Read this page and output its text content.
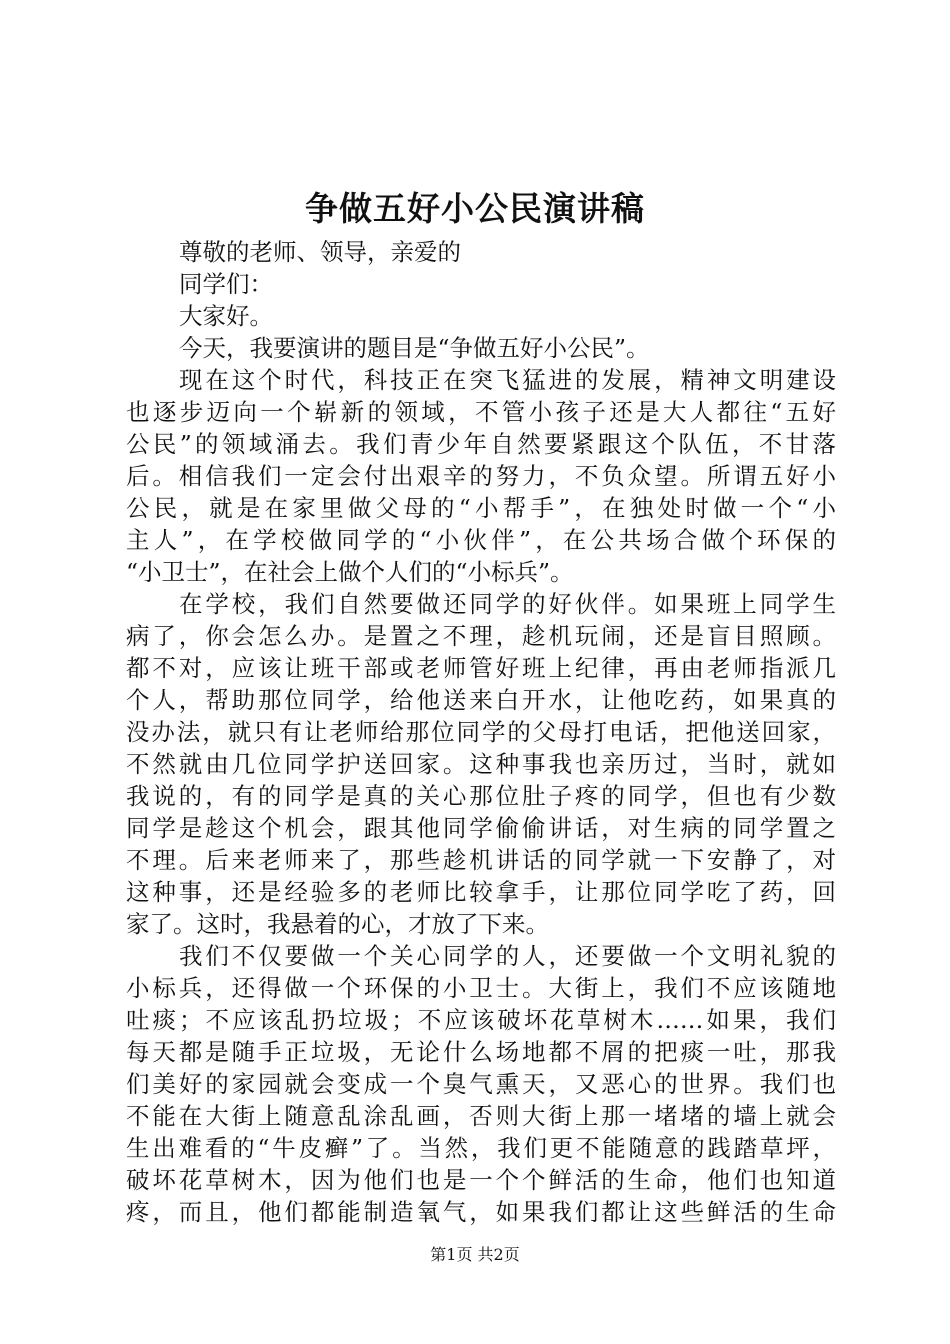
争做五好小公民演讲稿
尊敬的老师、领导，亲爱的
同学们：
大家好。
今天，我要演讲的题目是“争做五好小公民”。
现在这个时代，科技正在突飞猛进的发展，精神文明建设
也逐步迈向一个崭新的领域，不管小孩子还是大人都往“五好
公民”的领域涌去。我们青少年自然要紧跟这个队伍，不甘落
后。相信我们一定会付出艰辛的努力，不负众望。所谓五好小
公民，就是在家里做父母的“小帮手”，在独处时做一个“小
主人”，在学校做同学的“小伙伴”，在公共场合做个环保的
“小卫士”，在社会上做个人们的“小标兵”。
在学校，我们自然要做还同学的好伙伴。如果班上同学生
病了，你会怎么办。是置之不理，趁机玩闹，还是盲目照顾。
都不对，应该让班干部或老师管好班上纪律，再由老师指派几
个人，帮助那位同学，给他送来白开水，让他吃药，如果真的
没办法，就只有让老师给那位同学的父母打电话，把他送回家，
不然就由几位同学护送回家。这种事我也亲历过，当时，就如
我说的，有的同学是真的关心那位肚子疼的同学，但也有少数
同学是趁这个机会，跟其他同学偷偷讲话，对生病的同学置之
不理。后来老师来了，那些趁机讲话的同学就一下安静了，对
这种事，还是经验多的老师比较拿手，让那位同学吃了药，回
家了。这时，我悬着的心，才放了下来。
我们不仅要做一个关心同学的人，还要做一个文明礼貌的
小标兵，还得做一个环保的小卫士。大街上，我们不应该随地
吐痰；不应该乱扔垃圾；不应该破坏花草树木……如果，我们
每天都是随手正垃圾，无论什么场地都不屑的把痰一吐，那我
们美好的家园就会变成一个臭气熏天，又恶心的世界。我们也
不能在大街上随意乱涂乱画，否则大街上那一堵堵的墙上就会
生出难看的“牛皮癣”了。当然，我们更不能随意的践踏草坪，
破坏花草树木，因为他们也是一个个鲜活的生命，他们也知道
疼，而且，他们都能制造氧气，如果我们都让这些鲜活的生命
第1页 共2页
